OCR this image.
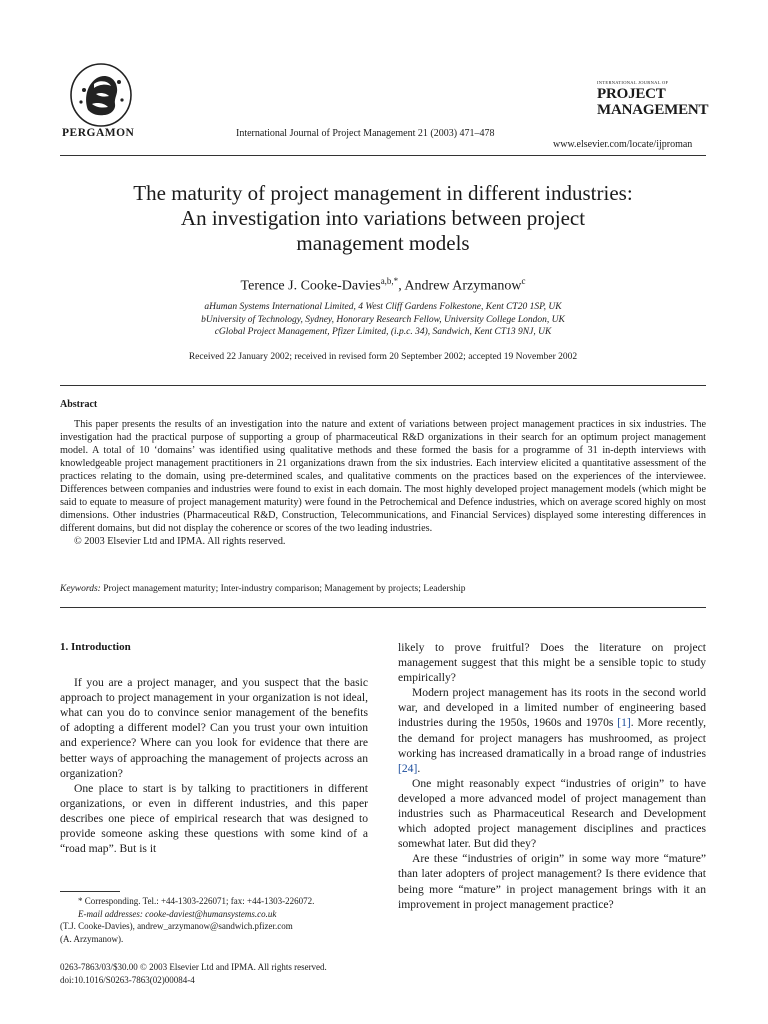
PERGAMON	International Journal of Project Management 21 (2003) 471–478
INTERNATIONAL JOURNAL OF
PROJECT
MANAGEMENT
www.elsevier.com/locate/ijproman
The maturity of project management in different industries:
An investigation into variations between project
management models
Terence J. Cooke-Davies$^{a,b,*}$, Andrew Arzymanow$^c$
aHuman Systems International Limited, 4 West Cliff Gardens Folkestone, Kent CT20 1SP, UK
bUniversity of Technology, Sydney, Honorary Research Fellow, University College London, UK
cGlobal Project Management, Pfizer Limited, (i.p.c. 34), Sandwich, Kent CT13 9NJ, UK
Received 22 January 2002; received in revised form 20 September 2002; accepted 19 November 2002
Abstract

This paper presents the results of an investigation into the nature and extent of variations between project management practices in six industries. The investigation had the practical purpose of supporting a group of pharmaceutical R&D organizations in their search for an optimum project management model. A total of 10 ‘domains’ was identified using qualitative methods and these formed the basis for a programme of 31 in-depth interviews with knowledgeable project management practitioners in 21 organizations drawn from the six industries. Each interview elicited a quantitative assessment of the practices relating to the domain, using pre-determined scales, and qualitative comments on the practices based on the experiences of the interviewee. Differences between companies and industries were found to exist in each domain. The most highly developed project management models (which might be said to equate to measure of project management maturity) were found in the Petrochemical and Defence industries, which on average scored highly on most dimensions. Other industries (Pharmaceutical R&D, Construction, Telecommunications, and Financial Services) displayed some interesting differences in different domains, but did not display the coherence or scores of the two leading industries.

© 2003 Elsevier Ltd and IPMA. All rights reserved.

Keywords: Project management maturity; Inter-industry comparison; Management by projects; Leadership

1. Introduction

If you are a project manager, and you suspect that the basic approach to project management in your organization is not ideal, what can you do to convince senior management of the benefits of adopting a different model? Can you trust your own intuition and experience? Where can you look for evidence that there are better ways of approaching the management of projects across an organization?

One place to start is by talking to practitioners in different organizations, or even in different industries, and this paper describes one piece of empirical research that was designed to provide someone asking these questions with some kind of a “road map”. But is it

likely to prove fruitful? Does the literature on project management suggest that this might be a sensible topic to study empirically?

Modern project management has its roots in the second world war, and developed in a limited number of engineering based industries during the 1950s, 1960s and 1970s [1]. More recently, the demand for project managers has mushroomed, as project working has increased dramatically in a broad range of industries [24].

One might reasonably expect “industries of origin” to have developed a more advanced model of project management than industries such as Pharmaceutical Research and Development which adopted project management disciplines and practices somewhat later. But did they?

Are these “industries of origin” in some way more “mature” than later adopters of project management? Is there evidence that being more “mature” in project management brings with it an improvement in project management practice?

* Corresponding. Tel.: +44-1303-226071; fax: +44-1303-226072.
E-mail addresses: cooke-daviest@humansystems.co.uk
(T.J. Cooke-Davies), andrew_arzymanow@sandwich.pfizer.com
(A. Arzymanow).
0263-7863/03/$30.00 © 2003 Elsevier Ltd and IPMA. All rights reserved.
doi:10.1016/S0263-7863(02)00084-4
